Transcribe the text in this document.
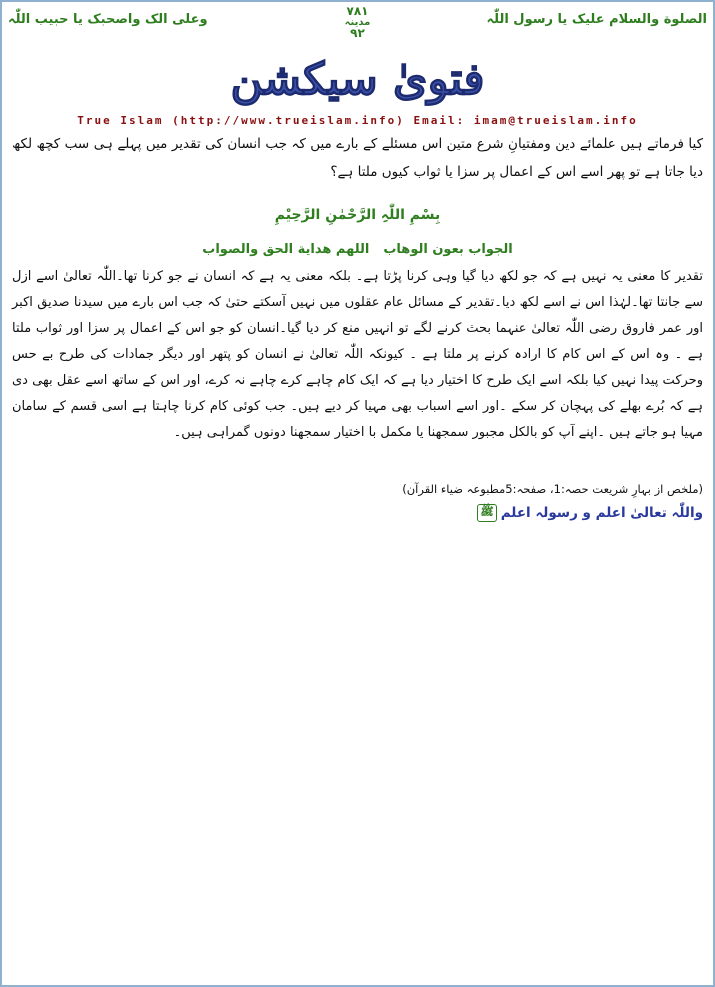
الصلوة والسلام علیک یا رسول اللّٰہ
۷۸۱
مدینہ
۹۲
وعلی الک واصحبک یا حبیب اللّٰہ
فتویٰ سیکشن
True Islam (http://www.trueislam.info) Email: imam@trueislam.info
کیا فرماتے ہیں علمائے دین ومفتیانِ شرع متین اس مسئلے کے بارے میں کہ جب انسان کی تقدیر میں پہلے ہی سب کچھ لکھ دیا جاتا ہے تو پھر اسے اس کے اعمال پر سزا یا ثواب کیوں ملتا ہے؟
بِسْمِ اللّٰہِ الرَّحْمٰنِ الرَّحِیْمِ
الجواب بعون الوهاباللهم هداية الحق والصواب
تقدیر کا معنی یہ نہیں ہے کہ جو لکھ دیا گیا وہی کرنا پڑتا ہے۔ بلکہ معنی یہ ہے کہ انسان نے جو کرنا تھا۔اللّٰہ تعالیٰ اسے ازل سے جانتا تھا۔لہٰذا اس نے اسے لکھ دیا۔تقدیر کے مسائل عام عقلوں میں نہیں آسکتے حتیٰ کہ جب اس بارے میں سیدنا صدیق اکبر اور عمر فاروق رضی اللّٰہ تعالیٰ عنہما بحث کرنے لگے تو انہیں منع کر دیا گیا۔انسان کو جو اس کے اعمال پر سزا اور ثواب ملتا ہے ۔ وہ اس کے اس کام کا ارادہ کرنے پر ملتا ہے ۔ کیونکہ اللّٰہ تعالیٰ نے انسان کو پتھر اور دیگر جمادات کی طرح بے حس وحرکت پیدا نہیں کیا بلکہ اسے ایک طرح کا اختیار دیا ہے کہ ایک کام چاہے کرے چاہے نہ کرے، اور اس کے ساتھ اسے عقل بھی دی ہے کہ بُرے بھلے کی پہچان کر سکے ۔اور اسے اسباب بھی مہیا کر دیے ہیں۔ جب کوئی کام کرنا چاہتا ہے اسی قسم کے سامان مہیا ہو جاتے ہیں ۔اپنے آپ کو بالکل مجبور سمجھنا یا مکمل با اختیار سمجھنا دونوں گمراہی ہیں۔
(ملخص از بہارِ شریعت حصہ:1، صفحہ:5مطبوعہ ضیاء القرآن)
واللّٰہ تعالیٰ اعلم و رسولہ اعلمﷺ
